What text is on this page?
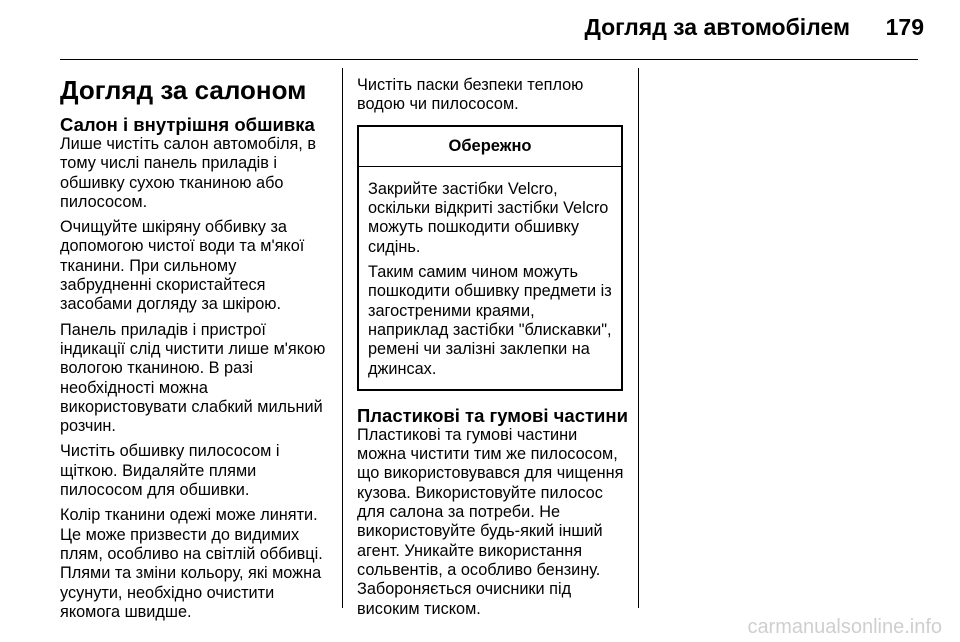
Догляд за автомобілем	179
Догляд за салоном
Салон і внутрішня обшивка

Лише чистіть салон автомобіля, в
тому числі панель приладів і
обшивку сухою тканиною або
пилососом.

Очищуйте шкіряну оббивку за
допомогою чистої води та м'якої
тканини. При сильному
забрудненні скористайтеся
засобами догляду за шкірою.

Панель приладів і пристрої
індикації слід чистити лише м'якою
вологою тканиною. В разі
необхідності можна
використовувати слабкий мильний
розчин.

Чистіть обшивку пилососом і
щіткою. Видаляйте плями
пилососом для обшивки.

Колір тканини одежі може линяти.
Це може призвести до видимих
плям, особливо на світлій оббивці.
Плями та зміни кольору, які можна
усунути, необхідно очистити
якомога швидше.

Чистіть паски безпеки теплою
водою чи пилососом.

Обережно

Закрийте застібки Velcro,
оскільки відкриті застібки Velcro
можуть пошкодити обшивку
сидінь.

Таким самим чином можуть
пошкодити обшивку предмети із
загостреними краями,
наприклад застібки "блискавки",
ремені чи залізні заклепки на
джинсах.

Пластикові та гумові частини

Пластикові та гумові частини
можна чистити тим же пилососом,
що використовувався для чищення
кузова. Використовуйте пилосос
для салона за потреби. Не
використовуйте будь-який інший
агент. Уникайте використання
сольвентів, а особливо бензину.
Забороняється очисники під
високим тиском.

carmanualsonline.info
